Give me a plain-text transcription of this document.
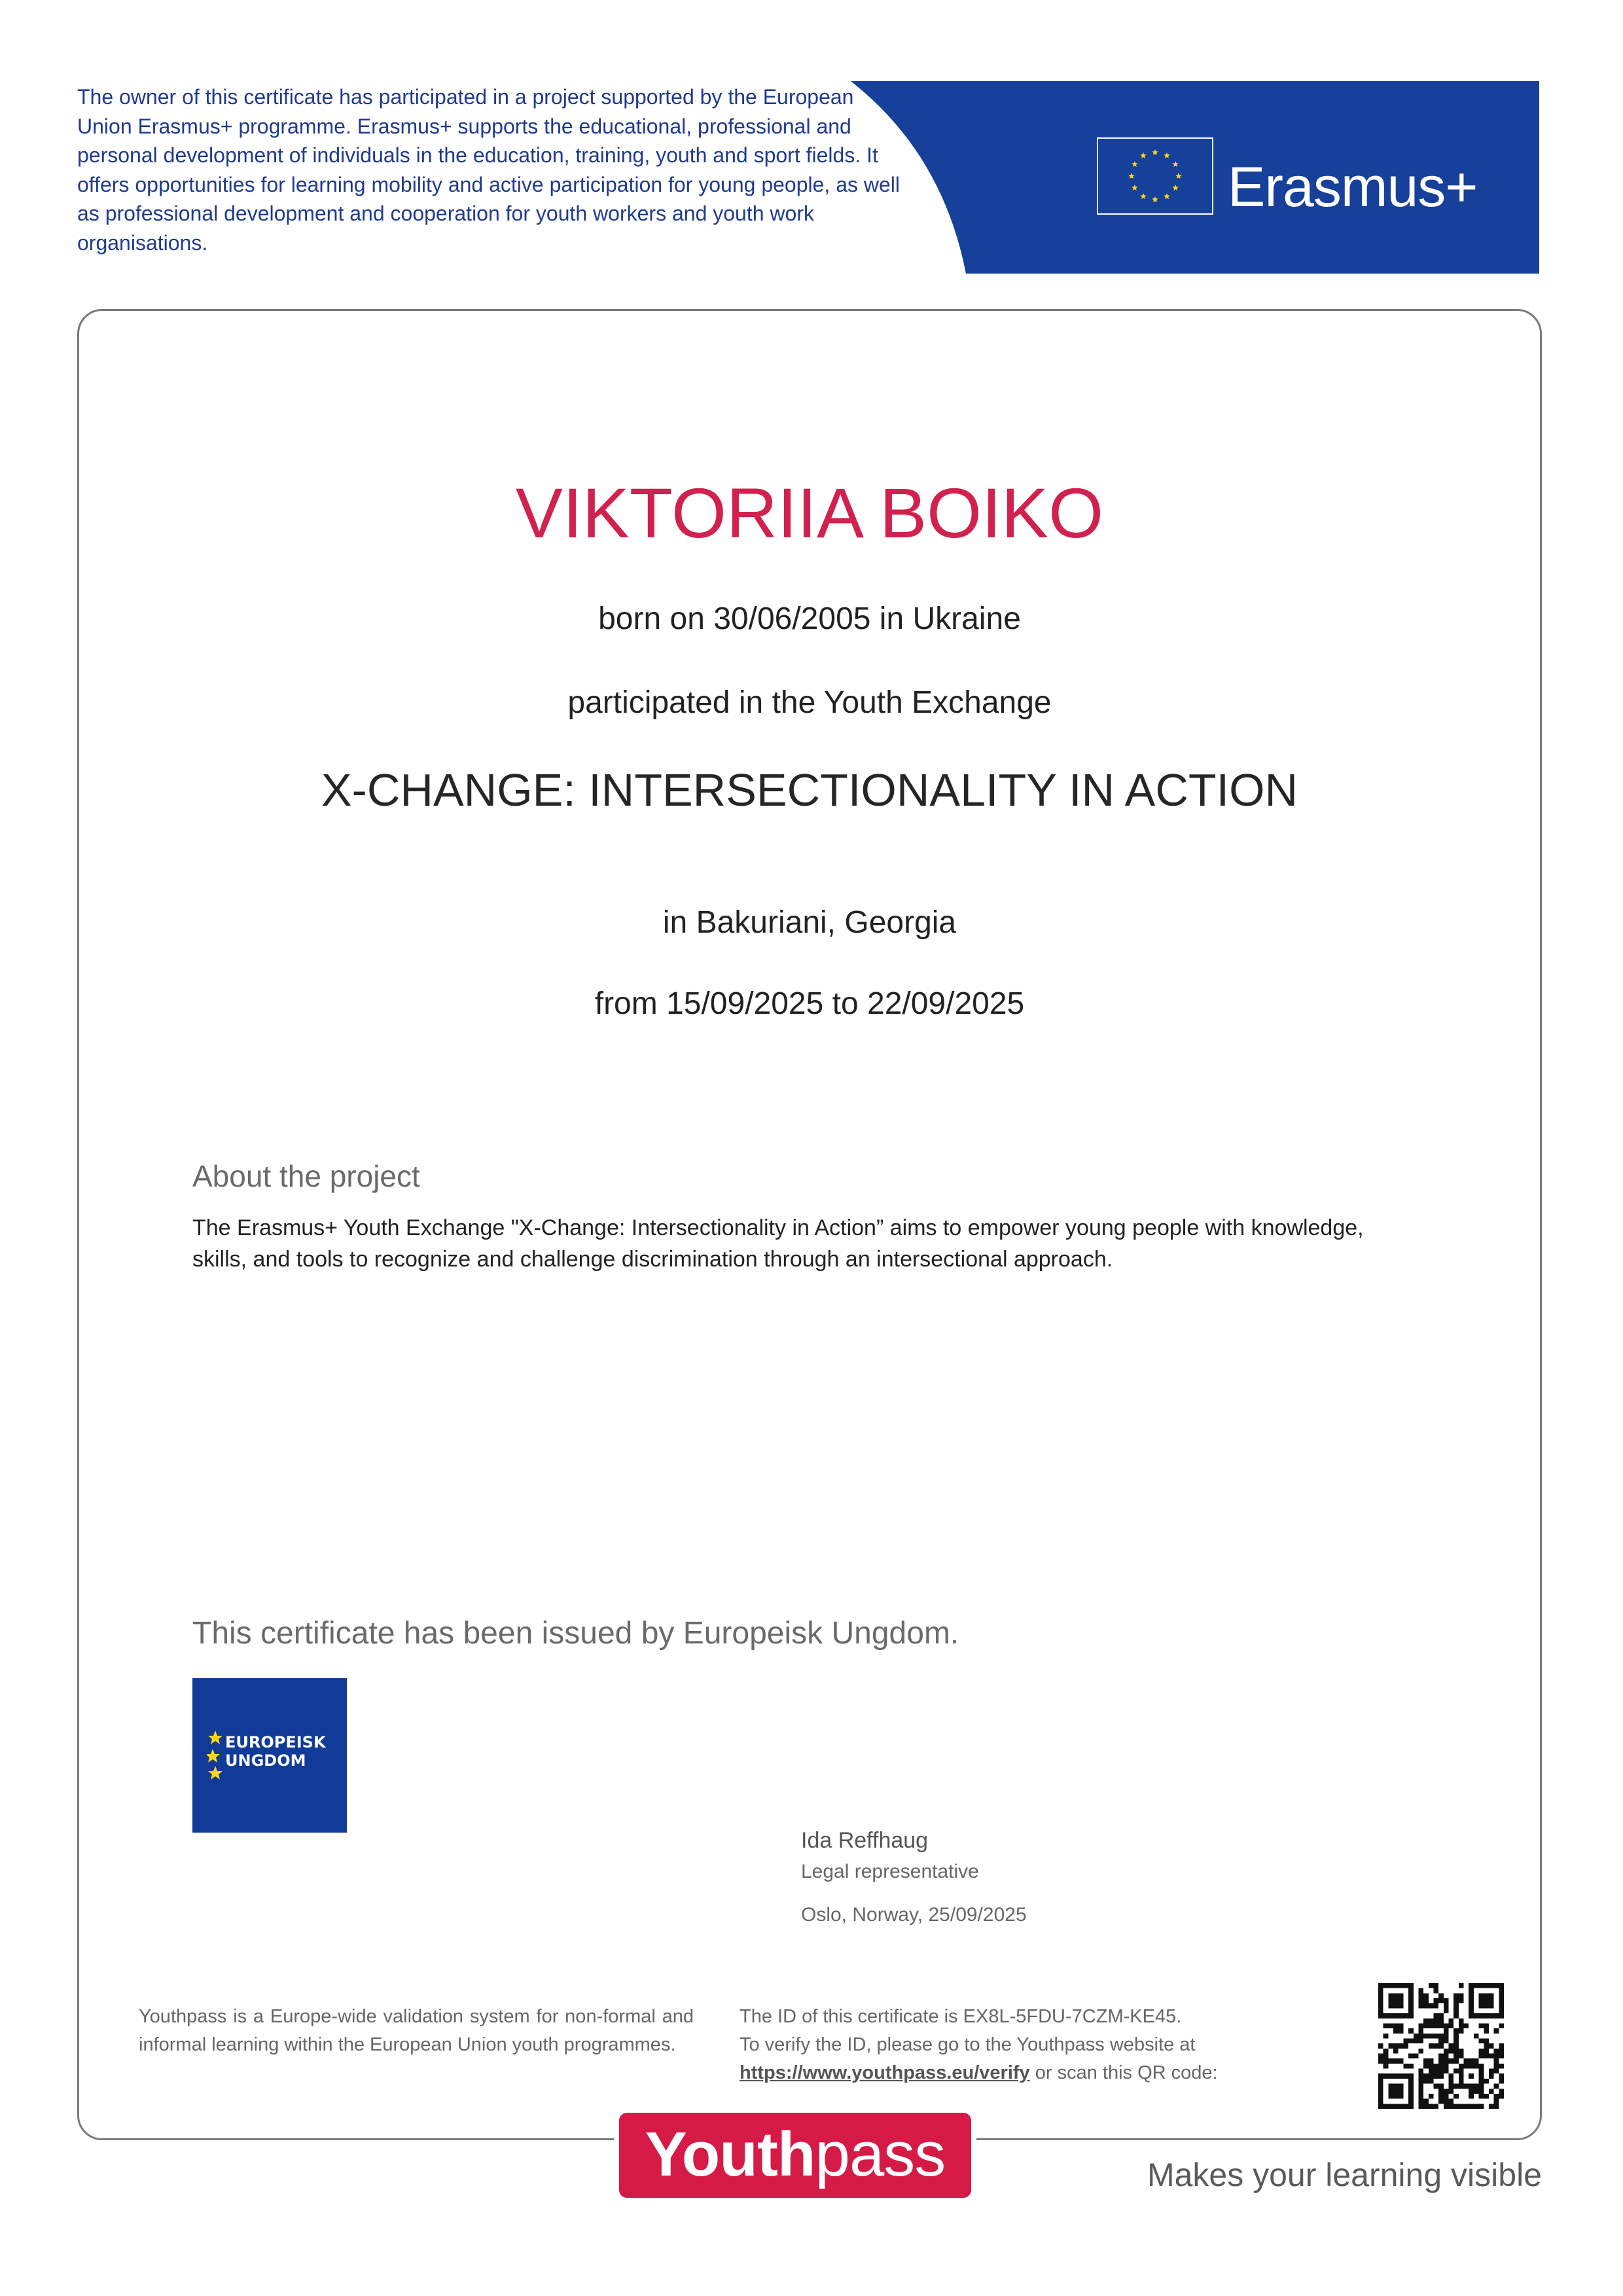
The owner of this certificate has participated in a project supported by the European Union Erasmus+ programme. Erasmus+ supports the educational, professional and personal development of individuals in the education, training, youth and sport fields. It offers opportunities for learning mobility and active participation for young people, as well as professional development and cooperation for youth workers and youth work organisations.
Erasmus+
VIKTORIIA BOIKO
born on 30/06/2005 in Ukraine
participated in the Youth Exchange
X-CHANGE: INTERSECTIONALITY IN ACTION
in Bakuriani, Georgia
from 15/09/2025 to 22/09/2025
About the project
The Erasmus+ Youth Exchange "X-Change: Intersectionality in Action” aims to empower young people with knowledge, skills, and tools to recognize and challenge discrimination through an intersectional approach.
This certificate has been issued by Europeisk Ungdom.
EUROPEISK
UNGDOM
Ida Reffhaug
Legal representative
Oslo, Norway, 25/09/2025
Youthpass is a Europe-wide validation system for non-formal and informal learning within the European Union youth programmes.
The ID of this certificate is EX8L-5FDU-7CZM-KE45.
To verify the ID, please go to the Youthpass website at
https://www.youthpass.eu/verify or scan this QR code:
Youthpass	Makes your learning visible
